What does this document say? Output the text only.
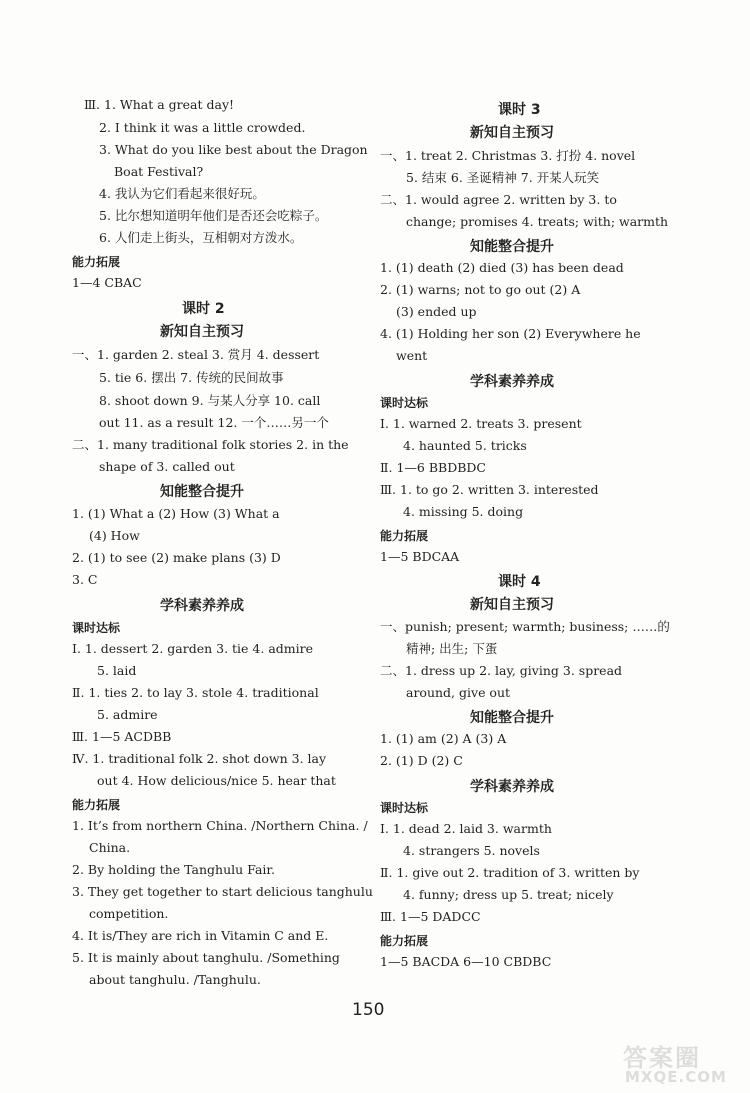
Ⅲ. 1. What a great day!
2. I think it was a little crowded.
3. What do you like best about the Dragon
Boat Festival?
4. 我认为它们看起来很好玩。
5. 比尔想知道明年他们是否还会吃粽子。
6. 人们走上街头，互相朝对方泼水。
能力拓展
1—4 CBAC
课时 2
新知自主预习
一、1. garden 2. steal 3. 赏月 4. dessert
5. tie 6. 摆出 7. 传统的民间故事
8. shoot down 9. 与某人分享 10. call
out 11. as a result 12. 一个……另一个
二、1. many traditional folk stories 2. in the
shape of 3. called out
知能整合提升
1. (1) What a (2) How (3) What a
(4) How
2. (1) to see (2) make plans (3) D
3. C
学科素养养成
课时达标
Ⅰ. 1. dessert 2. garden 3. tie 4. admire
5. laid
Ⅱ. 1. ties 2. to lay 3. stole 4. traditional
5. admire
Ⅲ. 1—5 ACDBB
Ⅳ. 1. traditional folk 2. shot down 3. lay
out 4. How delicious/nice 5. hear that
能力拓展
1. It’s from northern China. /Northern China. /
China.
2. By holding the Tanghulu Fair.
3. They get together to start delicious tanghulu
competition.
4. It is/They are rich in Vitamin C and E.
5. It is mainly about tanghulu. /Something
about tanghulu. /Tanghulu.
课时 3
新知自主预习
一、1. treat 2. Christmas 3. 打扮 4. novel
5. 结束 6. 圣诞精神 7. 开某人玩笑
二、1. would agree 2. written by 3. to
change; promises 4. treats; with; warmth
知能整合提升
1. (1) death (2) died (3) has been dead
2. (1) warns; not to go out (2) A
(3) ended up
4. (1) Holding her son (2) Everywhere he
went
学科素养养成
课时达标
Ⅰ. 1. warned 2. treats 3. present
4. haunted 5. tricks
Ⅱ. 1—6 BBDBDC
Ⅲ. 1. to go 2. written 3. interested
4. missing 5. doing
能力拓展
1—5 BDCAA
课时 4
新知自主预习
一、punish; present; warmth; business; ……的
精神; 出生; 下蛋
二、1. dress up 2. lay, giving 3. spread
around, give out
知能整合提升
1. (1) am (2) A (3) A
2. (1) D (2) C
学科素养养成
课时达标
Ⅰ. 1. dead 2. laid 3. warmth
4. strangers 5. novels
Ⅱ. 1. give out 2. tradition of 3. written by
4. funny; dress up 5. treat; nicely
Ⅲ. 1—5 DADCC
能力拓展
1—5 BACDA 6—10 CBDBC
150
答案圈
MXQE.COM
